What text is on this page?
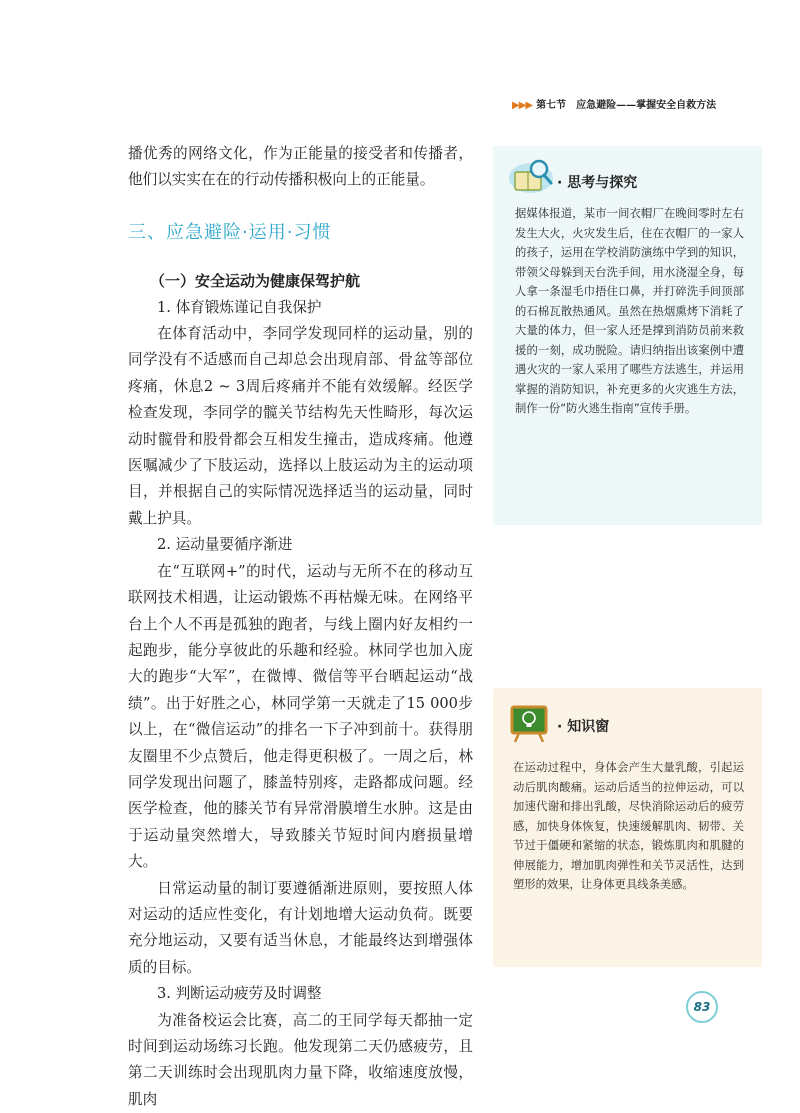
▶▶▶ 第七节　应急避险——掌握安全自救方法

播优秀的网络文化，作为正能量的接受者和传播者，他们以实实在在的行动传播积极向上的正能量。

三、应急避险·运用·习惯
（一）安全运动为健康保驾护航
1. 体育锻炼谨记自我保护

在体育活动中，李同学发现同样的运动量，别的同学没有不适感而自己却总会出现肩部、骨盆等部位疼痛，休息2 ~ 3周后疼痛并不能有效缓解。经医学检查发现，李同学的髋关节结构先天性畸形，每次运动时髋骨和股骨都会互相发生撞击，造成疼痛。他遵医嘱减少了下肢运动，选择以上肢运动为主的运动项目，并根据自己的实际情况选择适当的运动量，同时戴上护具。

2. 运动量要循序渐进

在“互联网+”的时代，运动与无所不在的移动互联网技术相遇，让运动锻炼不再枯燥无味。在网络平台上个人不再是孤独的跑者，与线上圈内好友相约一起跑步，能分享彼此的乐趣和经验。林同学也加入庞大的跑步“大军”，在微博、微信等平台晒起运动“战绩”。出于好胜之心，林同学第一天就走了15 000步以上，在“微信运动”的排名一下子冲到前十。获得朋友圈里不少点赞后，他走得更积极了。一周之后，林同学发现出问题了，膝盖特别疼，走路都成问题。经医学检查，他的膝关节有异常滑膜增生水肿。这是由于运动量突然增大，导致膝关节短时间内磨损量增大。

日常运动量的制订要遵循渐进原则，要按照人体对运动的适应性变化，有计划地增大运动负荷。既要充分地运动，又要有适当休息，才能最终达到增强体质的目标。

3. 判断运动疲劳及时调整

为准备校运会比赛，高二的王同学每天都抽一定时间到运动场练习长跑。他发现第二天仍感疲劳，且第二天训练时会出现肌肉力量下降，收缩速度放慢，肌肉

· 思考与探究
据媒体报道，某市一间衣帽厂在晚间零时左右发生大火，火灾发生后，住在衣帽厂的一家人的孩子，运用在学校消防演练中学到的知识，带领父母躲到天台洗手间，用水浇湿全身，每人拿一条湿毛巾捂住口鼻，并打碎洗手间顶部的石棉瓦散热通风。虽然在热烟熏烤下消耗了大量的体力，但一家人还是撑到消防员前来救援的一刻，成功脱险。请归纳指出该案例中遭遇火灾的一家人采用了哪些方法逃生，并运用掌握的消防知识，补充更多的火灾逃生方法，制作一份“防火逃生指南”宣传手册。
· 知识窗
在运动过程中，身体会产生大量乳酸，引起运动后肌肉酸痛。运动后适当的拉伸运动，可以加速代谢和排出乳酸，尽快消除运动后的疲劳感，加快身体恢复，快速缓解肌肉、韧带、关节过于僵硬和紧缩的状态，锻炼肌肉和肌腱的伸展能力，增加肌肉弹性和关节灵活性，达到塑形的效果，让身体更具线条美感。
83
